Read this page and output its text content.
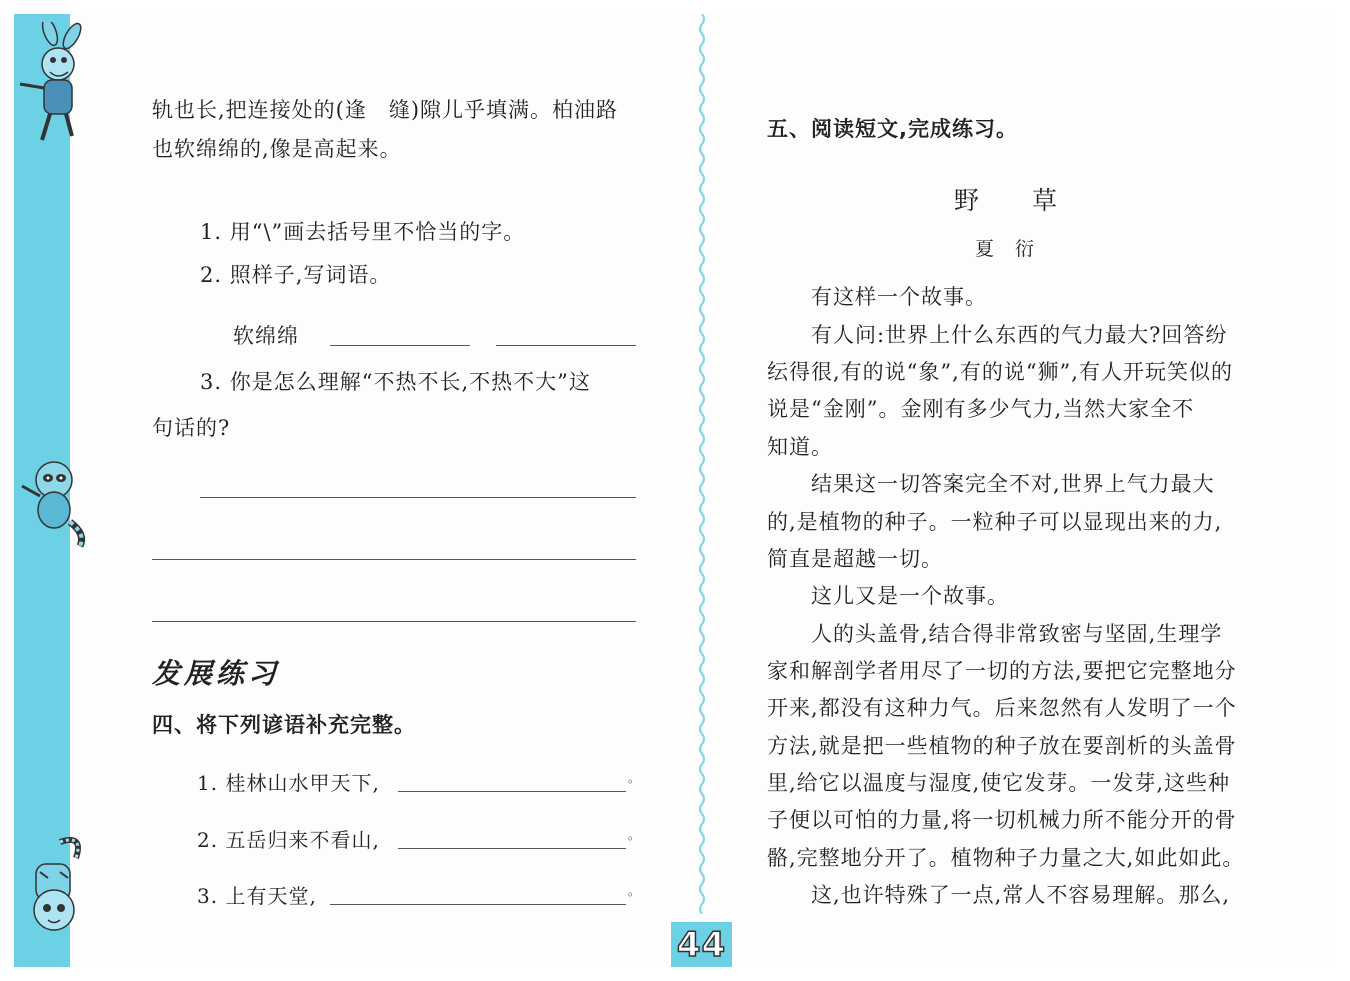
轨也长,把连接处的(逢　缝)隙儿乎填满。柏油路
也软绵绵的,像是高起来。
1. 用“\”画去括号里不恰当的字。
2. 照样子,写词语。
软绵绵
3. 你是怎么理解“不热不长,不热不大”这
句话的?
发展练习
四、将下列谚语补充完整。
1. 桂林山水甲天下,	。
2. 五岳归来不看山,	。
3. 上有天堂,	。
五、阅读短文,完成练习。
野　　草
夏　衍
有这样一个故事。
有人问:世界上什么东西的气力最大?回答纷
纭得很,有的说“象”,有的说“狮”,有人开玩笑似的
说是“金刚”。金刚有多少气力,当然大家全不
知道。
结果这一切答案完全不对,世界上气力最大
的,是植物的种子。一粒种子可以显现出来的力,
简直是超越一切。
这儿又是一个故事。
人的头盖骨,结合得非常致密与坚固,生理学
家和解剖学者用尽了一切的方法,要把它完整地分
开来,都没有这种力气。后来忽然有人发明了一个
方法,就是把一些植物的种子放在要剖析的头盖骨
里,给它以温度与湿度,使它发芽。一发芽,这些种
子便以可怕的力量,将一切机械力所不能分开的骨
骼,完整地分开了。植物种子力量之大,如此如此。
这,也许特殊了一点,常人不容易理解。那么,
44
